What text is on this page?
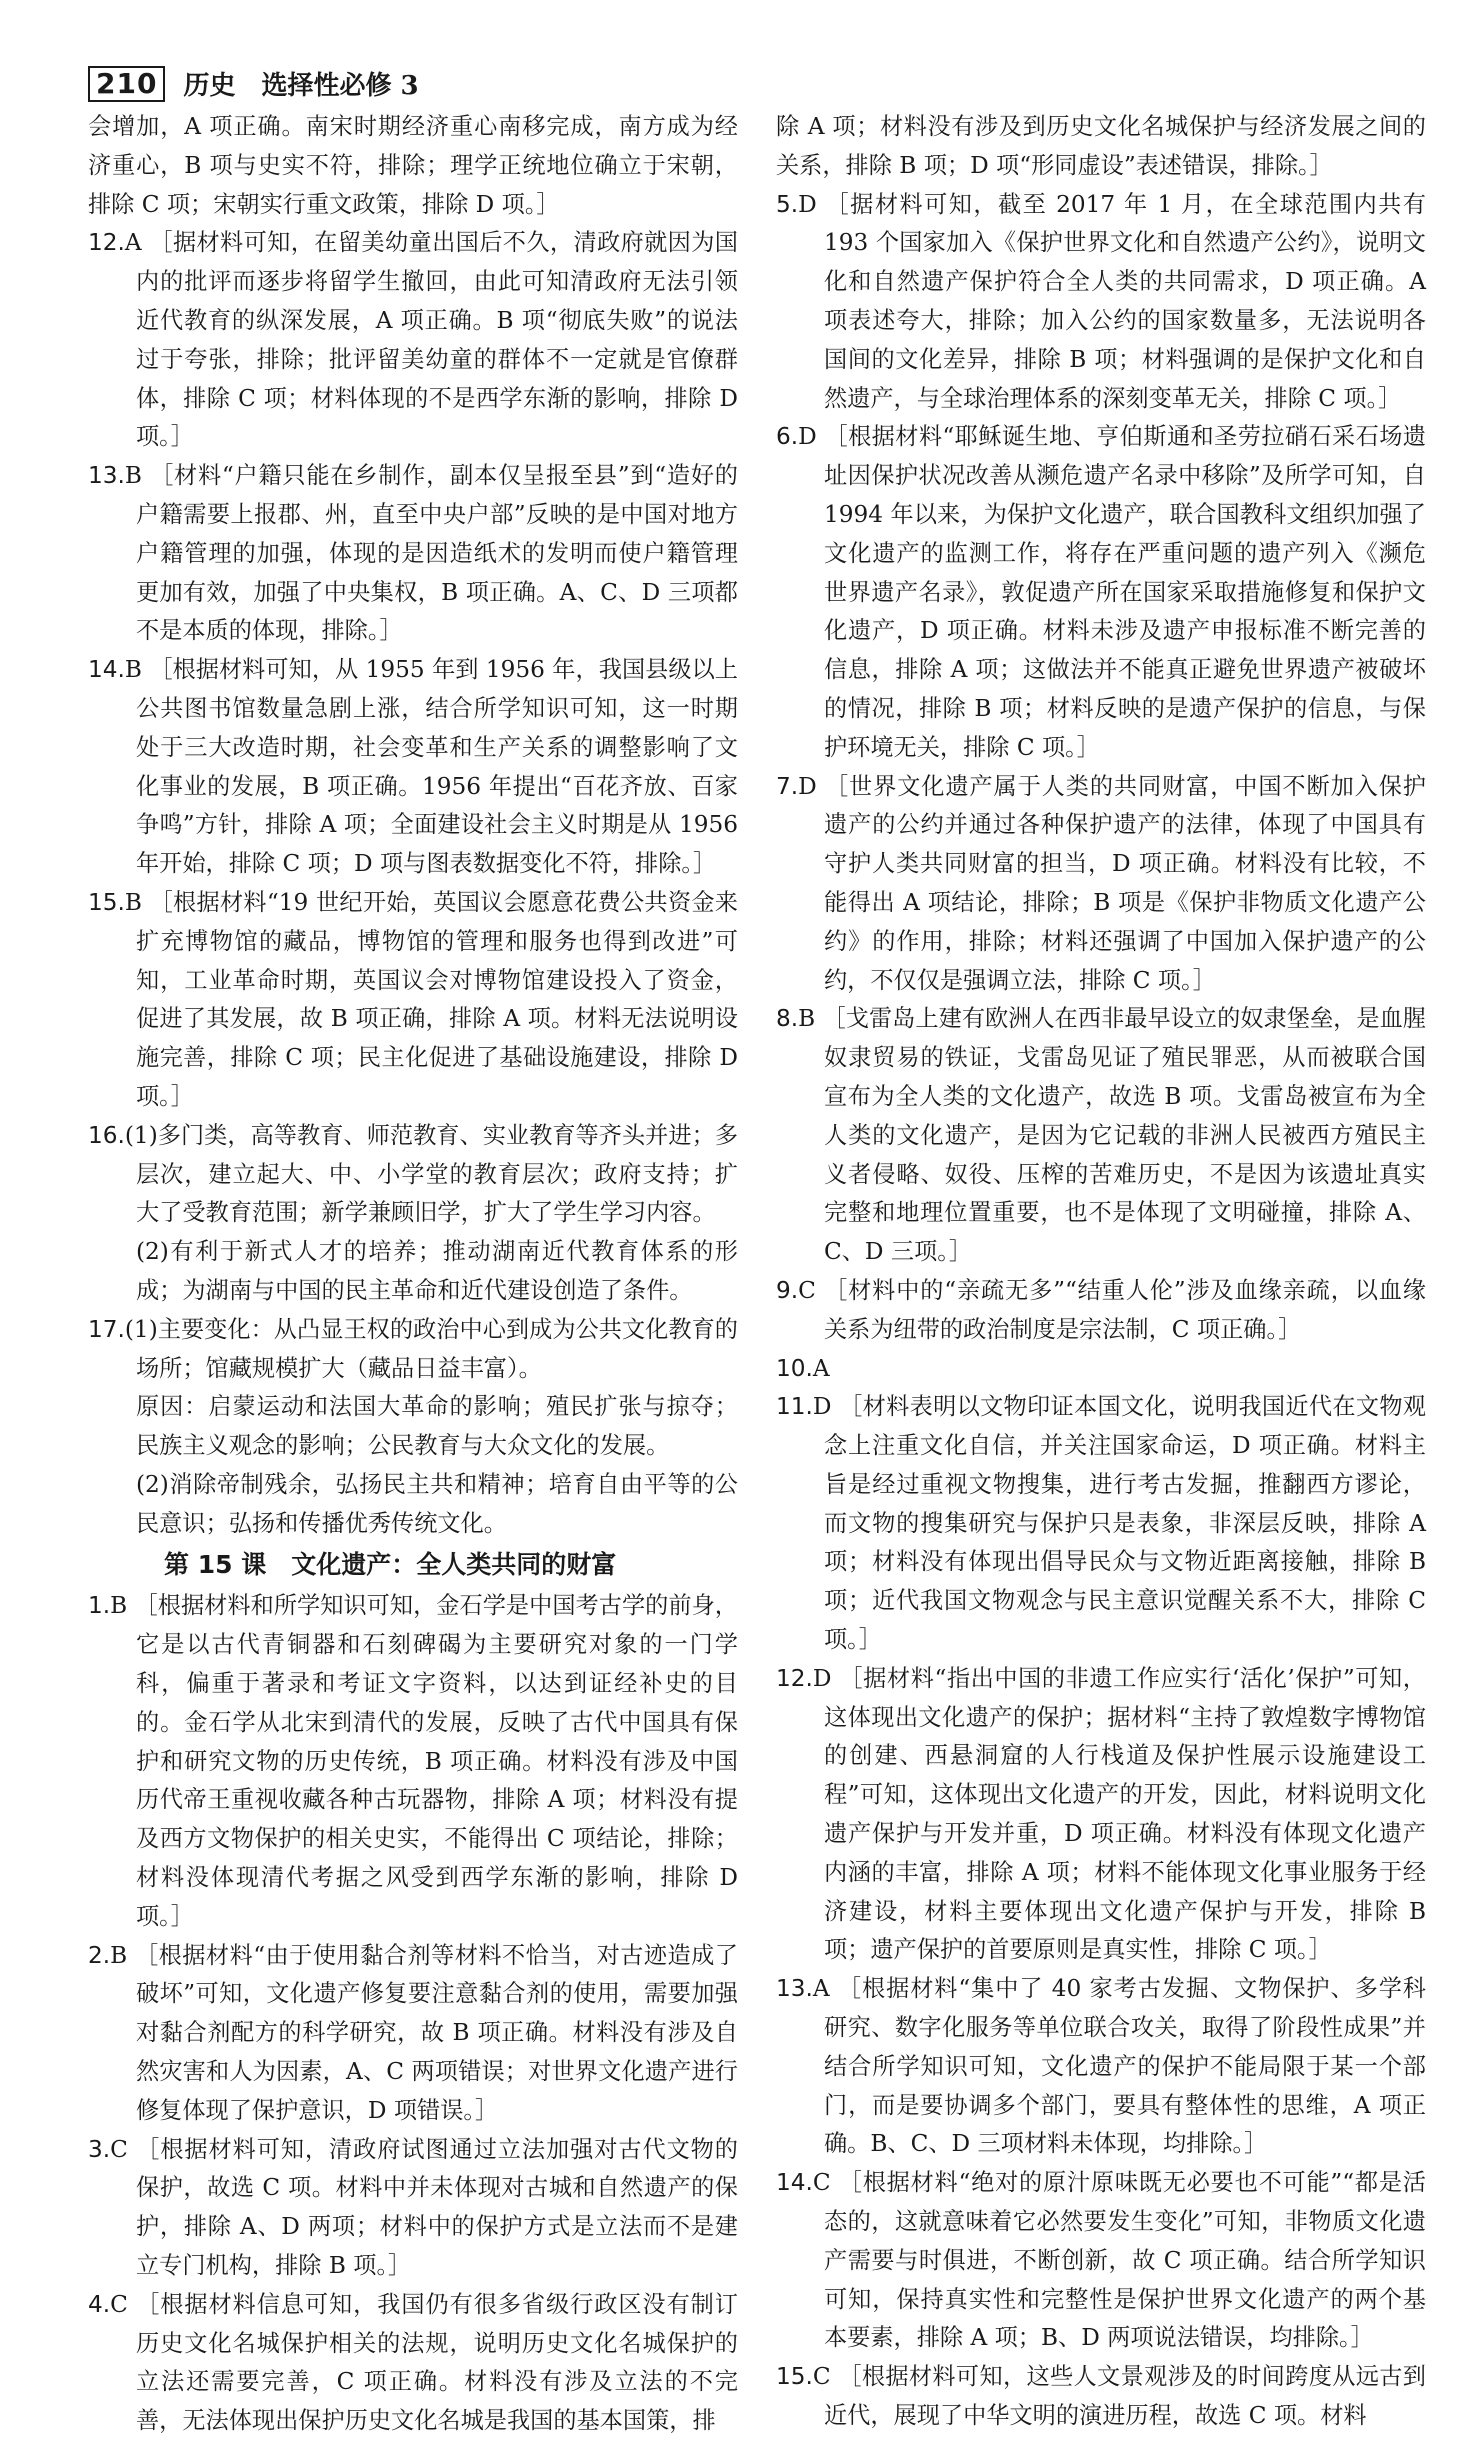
210	历史　选择性必修 3

会增加，A 项正确。南宋时期经济重心南移完成，南方成为经济重心，B 项与史实不符，排除；理学正统地位确立于宋朝，排除 C 项；宋朝实行重文政策，排除 D 项。］

12.A ［据材料可知，在留美幼童出国后不久，清政府就因为国内的批评而逐步将留学生撤回，由此可知清政府无法引领近代教育的纵深发展，A 项正确。B 项“彻底失败”的说法过于夸张，排除；批评留美幼童的群体不一定就是官僚群体，排除 C 项；材料体现的不是西学东渐的影响，排除 D 项。］

13.B ［材料“户籍只能在乡制作，副本仅呈报至县”到“造好的户籍需要上报郡、州，直至中央户部”反映的是中国对地方户籍管理的加强，体现的是因造纸术的发明而使户籍管理更加有效，加强了中央集权，B 项正确。A、C、D 三项都不是本质的体现，排除。］

14.B ［根据材料可知，从 1955 年到 1956 年，我国县级以上公共图书馆数量急剧上涨，结合所学知识可知，这一时期处于三大改造时期，社会变革和生产关系的调整影响了文化事业的发展，B 项正确。1956 年提出“百花齐放、百家争鸣”方针，排除 A 项；全面建设社会主义时期是从 1956 年开始，排除 C 项；D 项与图表数据变化不符，排除。］

15.B ［根据材料“19 世纪开始，英国议会愿意花费公共资金来扩充博物馆的藏品，博物馆的管理和服务也得到改进”可知，工业革命时期，英国议会对博物馆建设投入了资金，促进了其发展，故 B 项正确，排除 A 项。材料无法说明设施完善，排除 C 项；民主化促进了基础设施建设，排除 D 项。］

16.(1)多门类，高等教育、师范教育、实业教育等齐头并进；多层次，建立起大、中、小学堂的教育层次；政府支持；扩大了受教育范围；新学兼顾旧学，扩大了学生学习内容。

(2)有利于新式人才的培养；推动湖南近代教育体系的形成；为湖南与中国的民主革命和近代建设创造了条件。

17.(1)主要变化：从凸显王权的政治中心到成为公共文化教育的场所；馆藏规模扩大（藏品日益丰富）。

原因：启蒙运动和法国大革命的影响；殖民扩张与掠夺；民族主义观念的影响；公民教育与大众文化的发展。

(2)消除帝制残余，弘扬民主共和精神；培育自由平等的公民意识；弘扬和传播优秀传统文化。

第 15 课　文化遗产：全人类共同的财富

1.B ［根据材料和所学知识可知，金石学是中国考古学的前身，它是以古代青铜器和石刻碑碣为主要研究对象的一门学科，偏重于著录和考证文字资料，以达到证经补史的目的。金石学从北宋到清代的发展，反映了古代中国具有保护和研究文物的历史传统，B 项正确。材料没有涉及中国历代帝王重视收藏各种古玩器物，排除 A 项；材料没有提及西方文物保护的相关史实，不能得出 C 项结论，排除；材料没体现清代考据之风受到西学东渐的影响，排除 D 项。］

2.B ［根据材料“由于使用黏合剂等材料不恰当，对古迹造成了破坏”可知，文化遗产修复要注意黏合剂的使用，需要加强对黏合剂配方的科学研究，故 B 项正确。材料没有涉及自然灾害和人为因素，A、C 两项错误；对世界文化遗产进行修复体现了保护意识，D 项错误。］

3.C ［根据材料可知，清政府试图通过立法加强对古代文物的保护，故选 C 项。材料中并未体现对古城和自然遗产的保护，排除 A、D 两项；材料中的保护方式是立法而不是建立专门机构，排除 B 项。］

4.C ［根据材料信息可知，我国仍有很多省级行政区没有制订历史文化名城保护相关的法规，说明历史文化名城保护的立法还需要完善，C 项正确。材料没有涉及立法的不完善，无法体现出保护历史文化名城是我国的基本国策，排

除 A 项；材料没有涉及到历史文化名城保护与经济发展之间的关系，排除 B 项；D 项“形同虚设”表述错误，排除。］

5.D ［据材料可知，截至 2017 年 1 月，在全球范围内共有 193 个国家加入《保护世界文化和自然遗产公约》，说明文化和自然遗产保护符合全人类的共同需求，D 项正确。A 项表述夸大，排除；加入公约的国家数量多，无法说明各国间的文化差异，排除 B 项；材料强调的是保护文化和自然遗产，与全球治理体系的深刻变革无关，排除 C 项。］

6.D ［根据材料“耶稣诞生地、亨伯斯通和圣劳拉硝石采石场遗址因保护状况改善从濒危遗产名录中移除”及所学可知，自 1994 年以来，为保护文化遗产，联合国教科文组织加强了文化遗产的监测工作，将存在严重问题的遗产列入《濒危世界遗产名录》，敦促遗产所在国家采取措施修复和保护文化遗产，D 项正确。材料未涉及遗产申报标准不断完善的信息，排除 A 项；这做法并不能真正避免世界遗产被破坏的情况，排除 B 项；材料反映的是遗产保护的信息，与保护环境无关，排除 C 项。］

7.D ［世界文化遗产属于人类的共同财富，中国不断加入保护遗产的公约并通过各种保护遗产的法律，体现了中国具有守护人类共同财富的担当，D 项正确。材料没有比较，不能得出 A 项结论，排除；B 项是《保护非物质文化遗产公约》的作用，排除；材料还强调了中国加入保护遗产的公约，不仅仅是强调立法，排除 C 项。］

8.B ［戈雷岛上建有欧洲人在西非最早设立的奴隶堡垒，是血腥奴隶贸易的铁证，戈雷岛见证了殖民罪恶，从而被联合国宣布为全人类的文化遗产，故选 B 项。戈雷岛被宣布为全人类的文化遗产，是因为它记载的非洲人民被西方殖民主义者侵略、奴役、压榨的苦难历史，不是因为该遗址真实完整和地理位置重要，也不是体现了文明碰撞，排除 A、C、D 三项。］

9.C ［材料中的“亲疏无多”“结重人伦”涉及血缘亲疏，以血缘关系为纽带的政治制度是宗法制，C 项正确。］

10.A

11.D ［材料表明以文物印证本国文化，说明我国近代在文物观念上注重文化自信，并关注国家命运，D 项正确。材料主旨是经过重视文物搜集，进行考古发掘，推翻西方谬论，而文物的搜集研究与保护只是表象，非深层反映，排除 A 项；材料没有体现出倡导民众与文物近距离接触，排除 B 项；近代我国文物观念与民主意识觉醒关系不大，排除 C 项。］

12.D ［据材料“指出中国的非遗工作应实行‘活化’保护”可知，这体现出文化遗产的保护；据材料“主持了敦煌数字博物馆的创建、西悬洞窟的人行栈道及保护性展示设施建设工程”可知，这体现出文化遗产的开发，因此，材料说明文化遗产保护与开发并重，D 项正确。材料没有体现文化遗产内涵的丰富，排除 A 项；材料不能体现文化事业服务于经济建设，材料主要体现出文化遗产保护与开发，排除 B 项；遗产保护的首要原则是真实性，排除 C 项。］

13.A ［根据材料“集中了 40 家考古发掘、文物保护、多学科研究、数字化服务等单位联合攻关，取得了阶段性成果”并结合所学知识可知，文化遗产的保护不能局限于某一个部门，而是要协调多个部门，要具有整体性的思维，A 项正确。B、C、D 三项材料未体现，均排除。］

14.C ［根据材料“绝对的原汁原味既无必要也不可能”“都是活态的，这就意味着它必然要发生变化”可知，非物质文化遗产需要与时俱进，不断创新，故 C 项正确。结合所学知识可知，保持真实性和完整性是保护世界文化遗产的两个基本要素，排除 A 项；B、D 两项说法错误，均排除。］

15.C ［根据材料可知，这些人文景观涉及的时间跨度从远古到近代，展现了中华文明的演进历程，故选 C 项。材料
